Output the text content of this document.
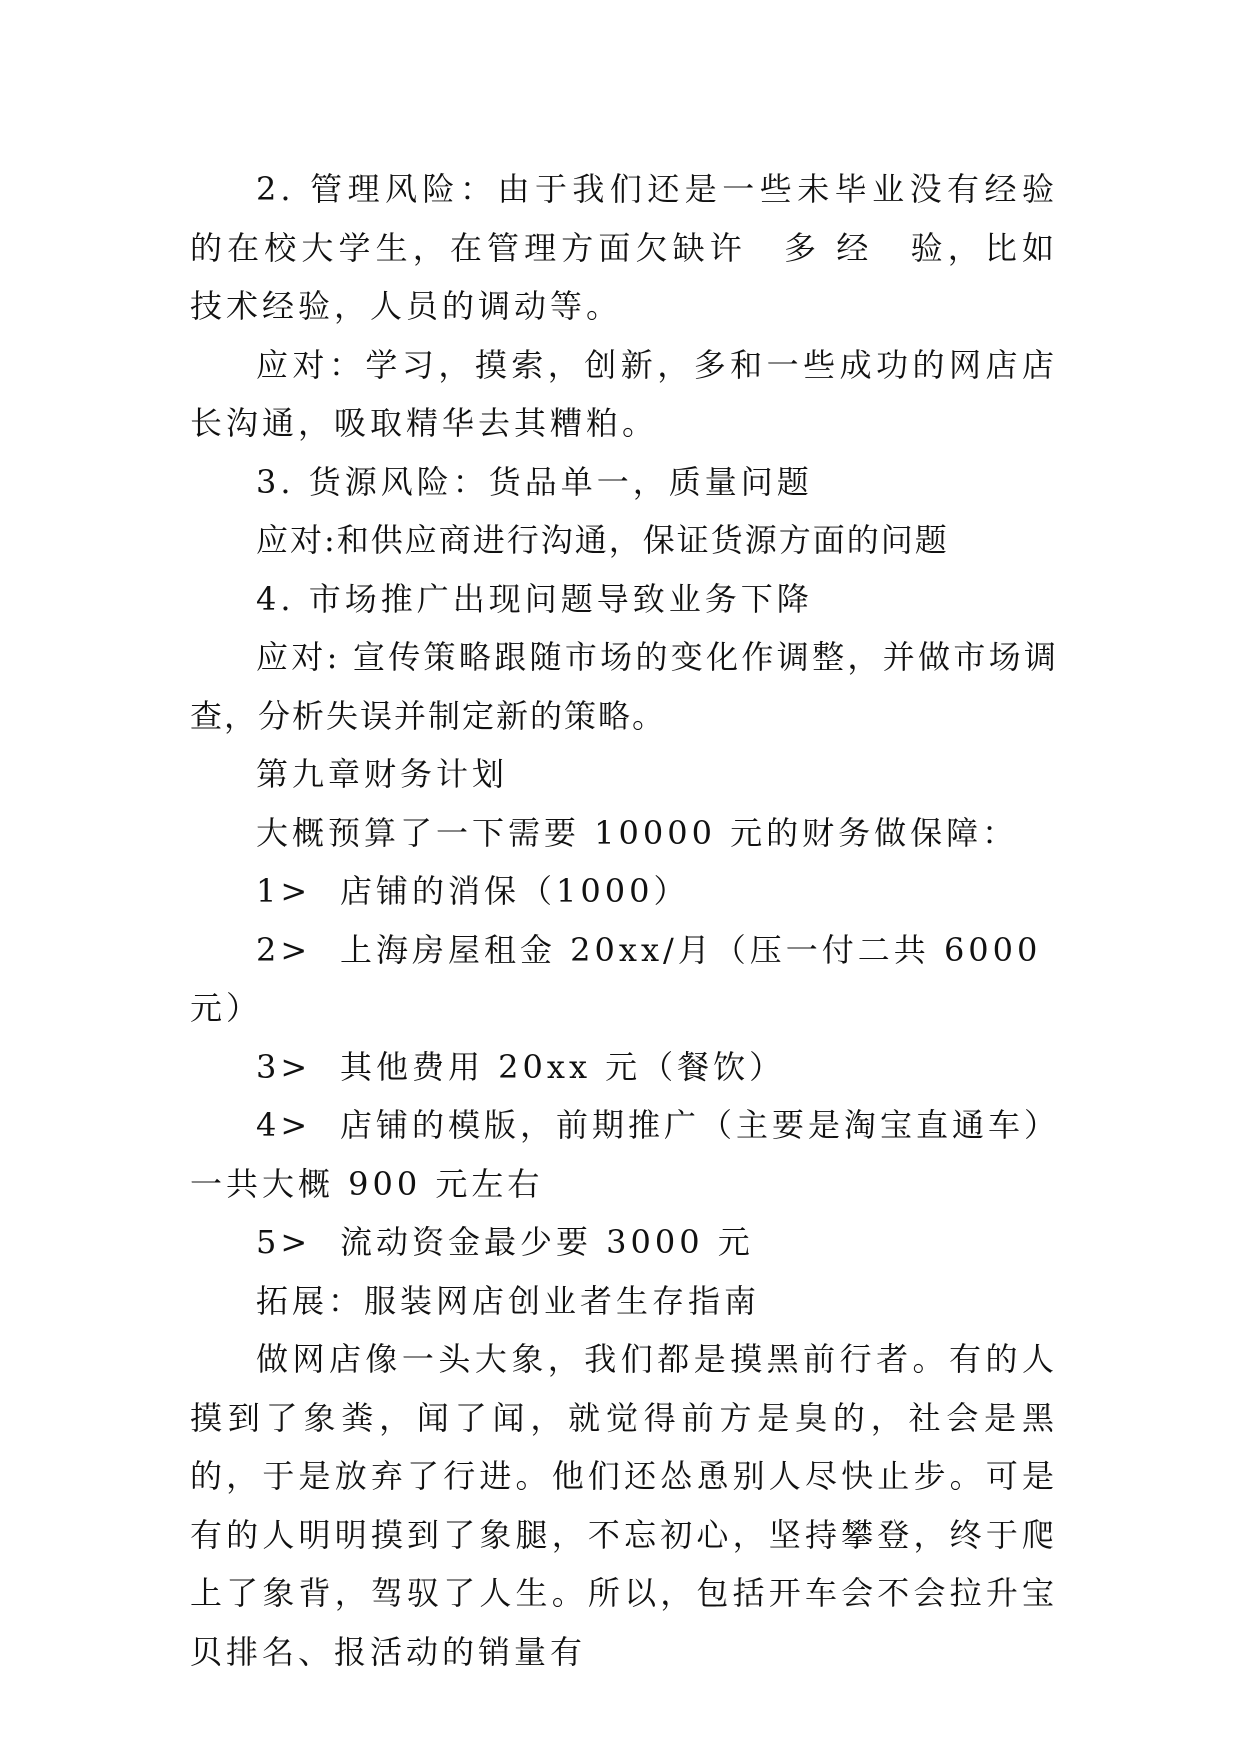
2. 管理风险：由于我们还是一些未毕业没有经验的在校大学生，在管理方面欠缺许　多 经　验，比如技术经验，人员的调动等。

应对：学习，摸索，创新，多和一些成功的网店店长沟通，吸取精华去其糟粕。

3. 货源风险：货品单一，质量问题

应对:和供应商进行沟通，保证货源方面的问题

4. 市场推广出现问题导致业务下降

应对: 宣传策略跟随市场的变化作调整，并做市场调查，分析失误并制定新的策略。

第九章财务计划

大概预算了一下需要 10000 元的财务做保障：

1> 店铺的消保（1000）

2> 上海房屋租金 20xx/月（压一付二共 6000 元）

3> 其他费用 20xx 元（餐饮）

4> 店铺的模版，前期推广（主要是淘宝直通车）一共大概 900 元左右

5> 流动资金最少要 3000 元

拓展：服装网店创业者生存指南

做网店像一头大象，我们都是摸黑前行者。有的人摸到了象粪，闻了闻，就觉得前方是臭的，社会是黑的，于是放弃了行进。他们还怂恿别人尽快止步。可是有的人明明摸到了象腿，不忘初心，坚持攀登，终于爬上了象背，驾驭了人生。所以，包括开车会不会拉升宝贝排名、报活动的销量有
